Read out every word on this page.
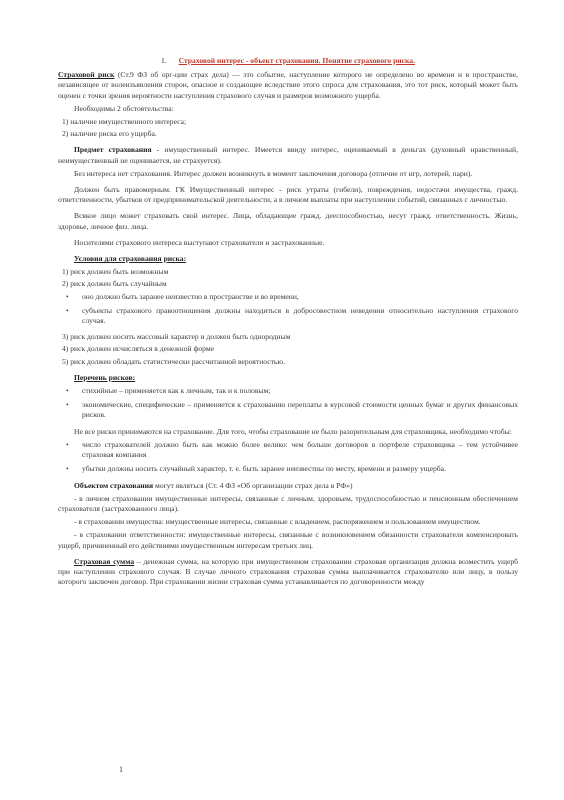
1. Страховой интерес - объект страхования. Понятие страхового риска.

Страховой риск (Ст.9 ФЗ об орг-ции страх дела) — это событие, наступление которого не определено во времени и в пространстве, независящее от волеизъявления сторон, опасное и создающее вследствие этого спроса для страхования, это тот риск, который может быть оценен с точки зрения вероятности наступления страхового случая и размеров возможного ущерба.

Необходимы 2 обстоятельства:

1) наличие имущественного интереса;

2) наличие риска его ущерба.

Предмет страхования - имущественный интерес. Имеется ввиду интерес, оцениваемый в деньгах (духовный нравственный, неимущественный не оценивается, не страхуется).

Без интереса нет страхования. Интерес должен возникнуть в момент заключения договора (отличие от игр, лотерей, пари).

Должен быть правомерным. ГК Имущественный интерес - риск утраты (гибели), повреждения, недостачи имущества, гражд. ответственности, убытков от предпринимательской деятельности, а в личном выплаты при наступлении событий, связанных с личностью.

Всякое лицо может страховать свой интерес. Лица, обладающие гражд. дееспособностью, несут гражд. ответственность. Жизнь, здоровье, личное физ. лица.

Носителями страхового интереса выступают страхователи и застрахованные.

Условия для страхования риска:

1) риск должен быть возможным

2) риск должен быть случайным

• оно должно быть заранее неизвестно в пространстве и во времени,

• субъекты страхового правоотношения должны находиться в добросовестном неведении относительно наступления страхового случая.

3) риск должен носить массовый характер и должен быть однородным

4) риск должен исчисляться в денежной форме

5) риск должен обладать статистически рассчитанной вероятностью.

Перечень рисков:

• стихийные – применяется как к личным, так и к половым;

• экономические, специфические – применяется к страхованию переплаты в курсовой стоимости ценных бумаг и других финансовых рисков.

Не все риски принимаются на страхование. Для того, чтобы страхование не было разорительным для страховщика, необходимо чтобы:

• число страхователей должно быть как можно более велико: чем больше договоров в портфеле страховщика – тем устойчивее страховая компания

• убытки должны носить случайный характер, т. е. быть заранее неизвестны по месту, времени и размеру ущерба.

Объектом страхования могут являться (Ст. 4 ФЗ «Об организации страх дела в РФ»)

- в личном страховании имущественные интересы, связанные с личным, здоровьем, трудоспособностью и пенсионным обеспечением страхователя (застрахованного лица).

- в страховании имущества: имущественные интересы, связанные с владением, распоряжением и пользованием имуществом.

- в страховании ответственности: имущественные интересы, связанные с возникновением обязанности страхователя компенсировать ущерб, причиненный его действиями имущественным интересам третьих лиц.

Страховая сумма – денежная сумма, на которую при имущественном страховании страховая организация должна возместить ущерб при наступлении страхового случая. В случае личного страхования страховая сумма выплачивается страхователю или лицу, в пользу которого заключен договор. При страховании жизни страховая сумма устанавливается по договоренности между

1
